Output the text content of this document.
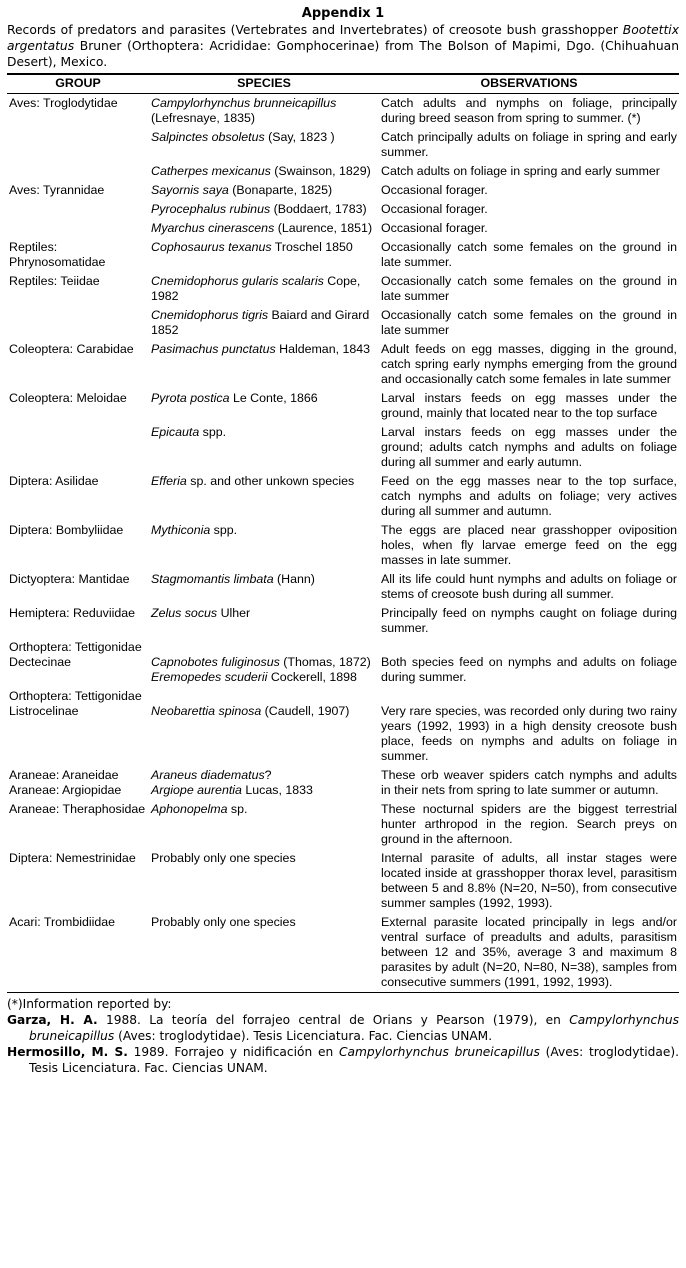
Appendix 1
Records of predators and parasites (Vertebrates and Invertebrates) of creosote bush grasshopper Bootettix argentatus Bruner (Orthoptera: Acrididae: Gomphocerinae) from The Bolson of Mapimi, Dgo. (Chihuahuan Desert), Mexico.
GROUP	SPECIES	OBSERVATIONS

Aves: Troglodytidae	Campylorhynchus brunneicapillus (Lefresnaye, 1835)	Catch adults and nymphs on foliage, principally during breed season from spring to summer. (*)

	Salpinctes obsoletus (Say, 1823 )	Catch principally adults on foliage in spring and early summer.

	Catherpes mexicanus (Swainson, 1829)	Catch adults on foliage in spring and early summer

Aves: Tyrannidae	Sayornis saya (Bonaparte, 1825)	Occasional forager.

	Pyrocephalus rubinus (Boddaert, 1783)	Occasional forager.

	Myarchus cinerascens (Laurence, 1851)	Occasional forager.

Reptiles:
Phrynosomatidae	Cophosaurus texanus Troschel 1850	Occasionally catch some females on the ground in late summer.

Reptiles: Teiidae	Cnemidophorus gularis scalaris Cope, 1982	Occasionally catch some females on the ground in late summer

	Cnemidophorus tigris Baiard and Girard 1852	Occasionally catch some females on the ground in late summer

Coleoptera: Carabidae	Pasimachus punctatus Haldeman, 1843	Adult feeds on egg masses, digging in the ground, catch spring early nymphs emerging from the ground and occasionally catch some females in late summer

Coleoptera: Meloidae	Pyrota postica Le Conte, 1866	Larval instars feeds on egg masses under the ground, mainly that located near to the top surface

	Epicauta spp.	Larval instars feeds on egg masses under the ground; adults catch nymphs and adults on foliage during all summer and early autumn.

Diptera: Asilidae	Efferia sp. and other unkown species	Feed on the egg masses near to the top surface, catch nymphs and adults on foliage; very actives during all summer and autumn.

Diptera: Bombyliidae	Mythiconia spp.	The eggs are placed near grasshopper oviposition holes, when fly larvae emerge feed on the egg masses in late summer.

Dictyoptera: Mantidae	Stagmomantis limbata (Hann)	All its life could hunt nymphs and adults on foliage or stems of creosote bush during all summer.

Hemiptera: Reduviidae	Zelus socus Ulher	Principally feed on nymphs caught on foliage during summer.

Orthoptera: Tettigonidae
Dectecinae	Capnobotes fuliginosus (Thomas, 1872)
Eremopedes scuderii Cockerell, 1898	Both species feed on nymphs and adults on foliage during summer.

Orthoptera: Tettigonidae
Listrocelinae	Neobarettia spinosa (Caudell, 1907)	Very rare species, was recorded only during two rainy years (1992, 1993) in a high density creosote bush place, feeds on nymphs and adults on foliage in summer.

Araneae: Araneidae
Araneae: Argiopidae	Araneus diadematus?
Argiope aurentia Lucas, 1833	These orb weaver spiders catch nymphs and adults in their nets from spring to late summer or autumn.

Araneae: Theraphosidae	Aphonopelma sp.	These nocturnal spiders are the biggest terrestrial hunter arthropod in the region. Search preys on ground in the afternoon.

Diptera: Nemestrinidae	Probably only one species	Internal parasite of adults, all instar stages were located inside at grasshopper thorax level, parasitism between 5 and 8.8% (N=20, N=50), from consecutive summer samples (1992, 1993).

Acari: Trombidiidae	Probably only one species	External parasite located principally in legs and/or ventral surface of preadults and adults, parasitism between 12 and 35%, average 3 and maximum 8 parasites by adult (N=20, N=80, N=38), samples from consecutive summers (1991, 1992, 1993).
(*)Information reported by:
Garza, H. A. 1988. La teoría del forrajeo central de Orians y Pearson (1979), en Campylorhynchus bruneicapillus (Aves: troglodytidae). Tesis Licenciatura. Fac. Ciencias UNAM.
Hermosillo, M. S. 1989. Forrajeo y nidificación en Campylorhynchus bruneicapillus (Aves: troglodytidae). Tesis Licenciatura. Fac. Ciencias UNAM.
